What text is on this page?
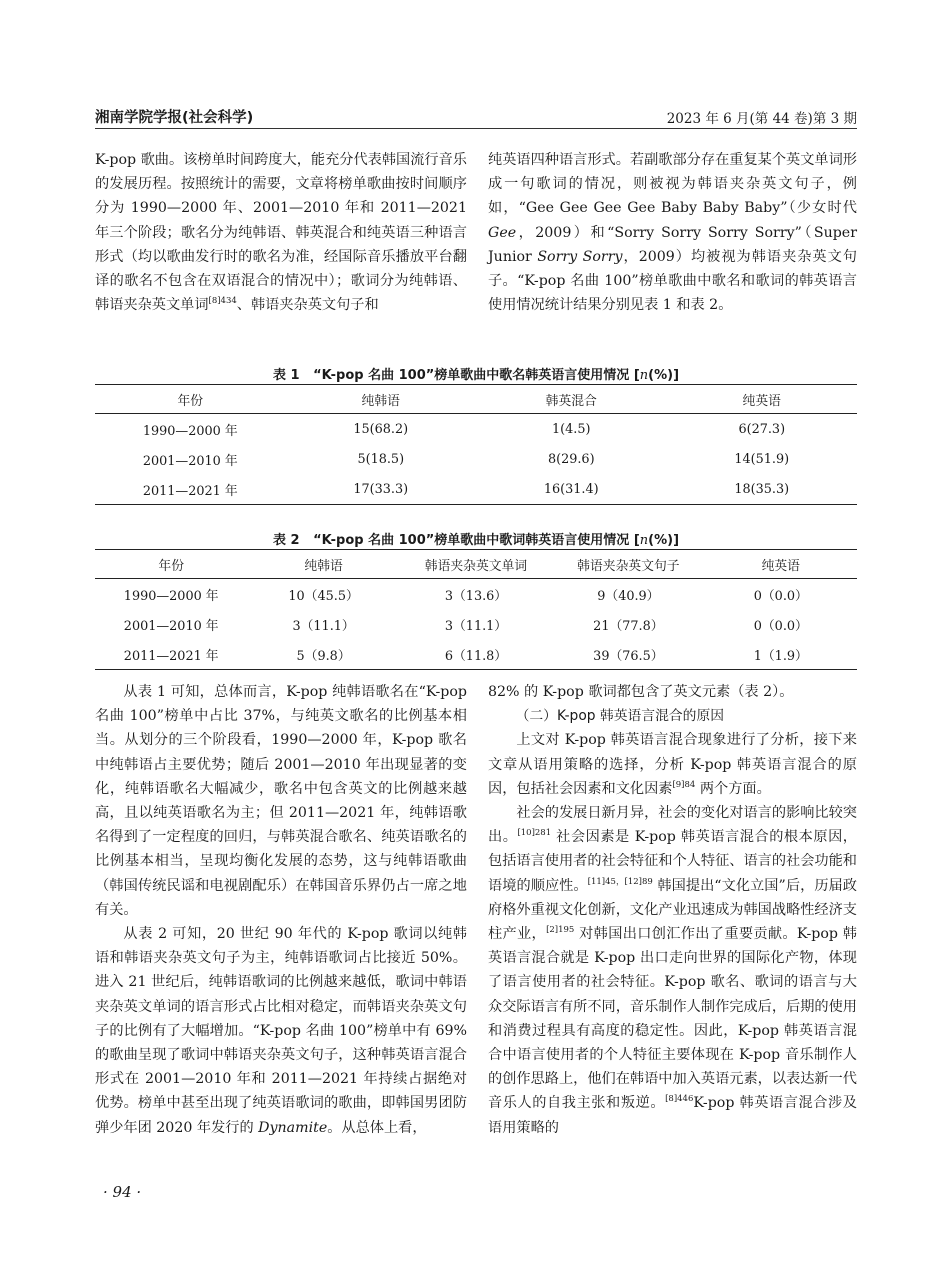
湘南学院学报(社会科学)	2023 年 6 月(第 44 卷)第 3 期

K-pop 歌曲。该榜单时间跨度大，能充分代表韩国流行音乐的发展历程。按照统计的需要，文章将榜单歌曲按时间顺序分为 1990—2000 年、2001—2010 年和 2011—2021 年三个阶段；歌名分为纯韩语、韩英混合和纯英语三种语言形式（均以歌曲发行时的歌名为准，经国际音乐播放平台翻译的歌名不包含在双语混合的情况中）；歌词分为纯韩语、韩语夹杂英文单词$^{[8]434}$、韩语夹杂英文句子和

纯英语四种语言形式。若副歌部分存在重复某个英文单词形成一句歌词的情况，则被视为韩语夹杂英文句子，例如，“Gee Gee Gee Gee Baby Baby Baby”（少女时代 Gee，2009）和“Sorry Sorry Sorry Sorry”（Super Junior Sorry Sorry，2009）均被视为韩语夹杂英文句子。“K-pop 名曲 100”榜单歌曲中歌名和歌词的韩英语言使用情况统计结果分别见表 1 和表 2。

表 1 “K-pop 名曲 100”榜单歌曲中歌名韩英语言使用情况 [n(%)]
年份	纯韩语	韩英混合	纯英语
1990—2000 年	15(68.2)	1(4.5)	6(27.3)
2001—2010 年	5(18.5)	8(29.6)	14(51.9)
2011—2021 年	17(33.3)	16(31.4)	18(35.3)
表 2 “K-pop 名曲 100”榜单歌曲中歌词韩英语言使用情况 [n(%)]
年份	纯韩语	韩语夹杂英文单词	韩语夹杂英文句子	纯英语
1990—2000 年	10（45.5）	3（13.6）	9（40.9）	0（0.0）
2001—2010 年	3（11.1）	3（11.1）	21（77.8）	0（0.0）
2011—2021 年	5（9.8）	6（11.8）	39（76.5）	1（1.9）

从表 1 可知，总体而言，K-pop 纯韩语歌名在“K-pop 名曲 100”榜单中占比 37%，与纯英文歌名的比例基本相当。从划分的三个阶段看，1990—2000 年，K-pop 歌名中纯韩语占主要优势；随后 2001—2010 年出现显著的变化，纯韩语歌名大幅减少，歌名中包含英文的比例越来越高，且以纯英语歌名为主；但 2011—2021 年，纯韩语歌名得到了一定程度的回归，与韩英混合歌名、纯英语歌名的比例基本相当，呈现均衡化发展的态势，这与纯韩语歌曲（韩国传统民谣和电视剧配乐）在韩国音乐界仍占一席之地有关。

从表 2 可知，20 世纪 90 年代的 K-pop 歌词以纯韩语和韩语夹杂英文句子为主，纯韩语歌词占比接近 50%。进入 21 世纪后，纯韩语歌词的比例越来越低，歌词中韩语夹杂英文单词的语言形式占比相对稳定，而韩语夹杂英文句子的比例有了大幅增加。“K-pop 名曲 100”榜单中有 69% 的歌曲呈现了歌词中韩语夹杂英文句子，这种韩英语言混合形式在 2001—2010 年和 2011—2021 年持续占据绝对优势。榜单中甚至出现了纯英语歌词的歌曲，即韩国男团防弹少年团 2020 年发行的 Dynamite。从总体上看，

82% 的 K-pop 歌词都包含了英文元素（表 2）。

（二）K-pop 韩英语言混合的原因

上文对 K-pop 韩英语言混合现象进行了分析，接下来文章从语用策略的选择，分析 K-pop 韩英语言混合的原因，包括社会因素和文化因素$^{[9]84}$ 两个方面。

社会的发展日新月异，社会的变化对语言的影响比较突出。$^{[10]281}$ 社会因素是 K-pop 韩英语言混合的根本原因，包括语言使用者的社会特征和个人特征、语言的社会功能和语境的顺应性。$^{[11]45,[12]89}$ 韩国提出“文化立国”后，历届政府格外重视文化创新，文化产业迅速成为韩国战略性经济支柱产业，$^{[2]195}$ 对韩国出口创汇作出了重要贡献。K-pop 韩英语言混合就是 K-pop 出口走向世界的国际化产物，体现了语言使用者的社会特征。K-pop 歌名、歌词的语言与大众交际语言有所不同，音乐制作人制作完成后，后期的使用和消费过程具有高度的稳定性。因此，K-pop 韩英语言混合中语言使用者的个人特征主要体现在 K-pop 音乐制作人的创作思路上，他们在韩语中加入英语元素，以表达新一代音乐人的自我主张和叛逆。$^{[8]446}$K-pop 韩英语言混合涉及语用策略的

· 94 ·
